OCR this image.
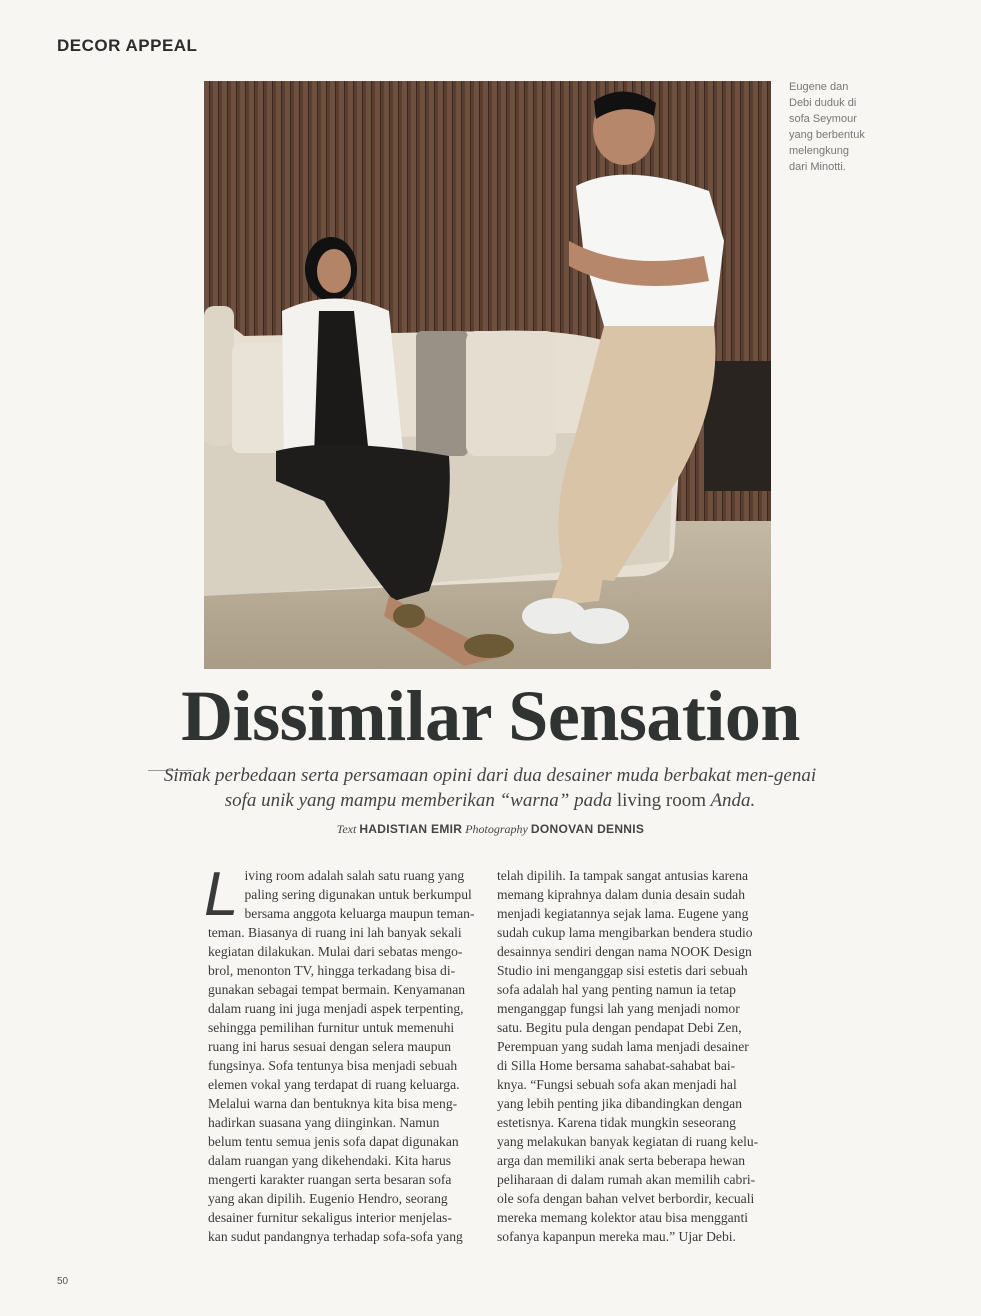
DECOR APPEAL
Eugene dan
Debi duduk di
sofa Seymour
yang berbentuk
melengkung
dari Minotti.
Dissimilar Sensation
Simak perbedaan serta persamaan opini dari dua desainer muda berbakat men-genai sofa unik yang mampu memberikan “warna” pada living room Anda.
Text HADISTIAN EMIR Photography DONOVAN DENNIS
L iving room adalah salah satu ruang yang
paling sering digunakan untuk berkumpul
bersama anggota keluarga maupun teman-
teman. Biasanya di ruang ini lah banyak sekali
kegiatan dilakukan. Mulai dari sebatas mengo-
brol, menonton TV, hingga terkadang bisa di-
gunakan sebagai tempat bermain. Kenyamanan
dalam ruang ini juga menjadi aspek terpenting,
sehingga pemilihan furnitur untuk memenuhi
ruang ini harus sesuai dengan selera maupun
fungsinya. Sofa tentunya bisa menjadi sebuah
elemen vokal yang terdapat di ruang keluarga.
Melalui warna dan bentuknya kita bisa meng-
hadirkan suasana yang diinginkan. Namun
belum tentu semua jenis sofa dapat digunakan
dalam ruangan yang dikehendaki. Kita harus
mengerti karakter ruangan serta besaran sofa
yang akan dipilih. Eugenio Hendro, seorang
desainer furnitur sekaligus interior menjelas-
kan sudut pandangnya terhadap sofa-sofa yang
telah dipilih. Ia tampak sangat antusias karena
memang kiprahnya dalam dunia desain sudah
menjadi kegiatannya sejak lama. Eugene yang
sudah cukup lama mengibarkan bendera studio
desainnya sendiri dengan nama NOOK Design
Studio ini menganggap sisi estetis dari sebuah
sofa adalah hal yang penting namun ia tetap
menganggap fungsi lah yang menjadi nomor
satu. Begitu pula dengan pendapat Debi Zen,
Perempuan yang sudah lama menjadi desainer
di Silla Home bersama sahabat-sahabat bai-
knya. “Fungsi sebuah sofa akan menjadi hal
yang lebih penting jika dibandingkan dengan
estetisnya. Karena tidak mungkin seseorang
yang melakukan banyak kegiatan di ruang kelu-
arga dan memiliki anak serta beberapa hewan
peliharaan di dalam rumah akan memilih cabri-
ole sofa dengan bahan velvet berbordir, kecuali
mereka memang kolektor atau bisa mengganti
sofanya kapanpun mereka mau.” Ujar Debi.
50
